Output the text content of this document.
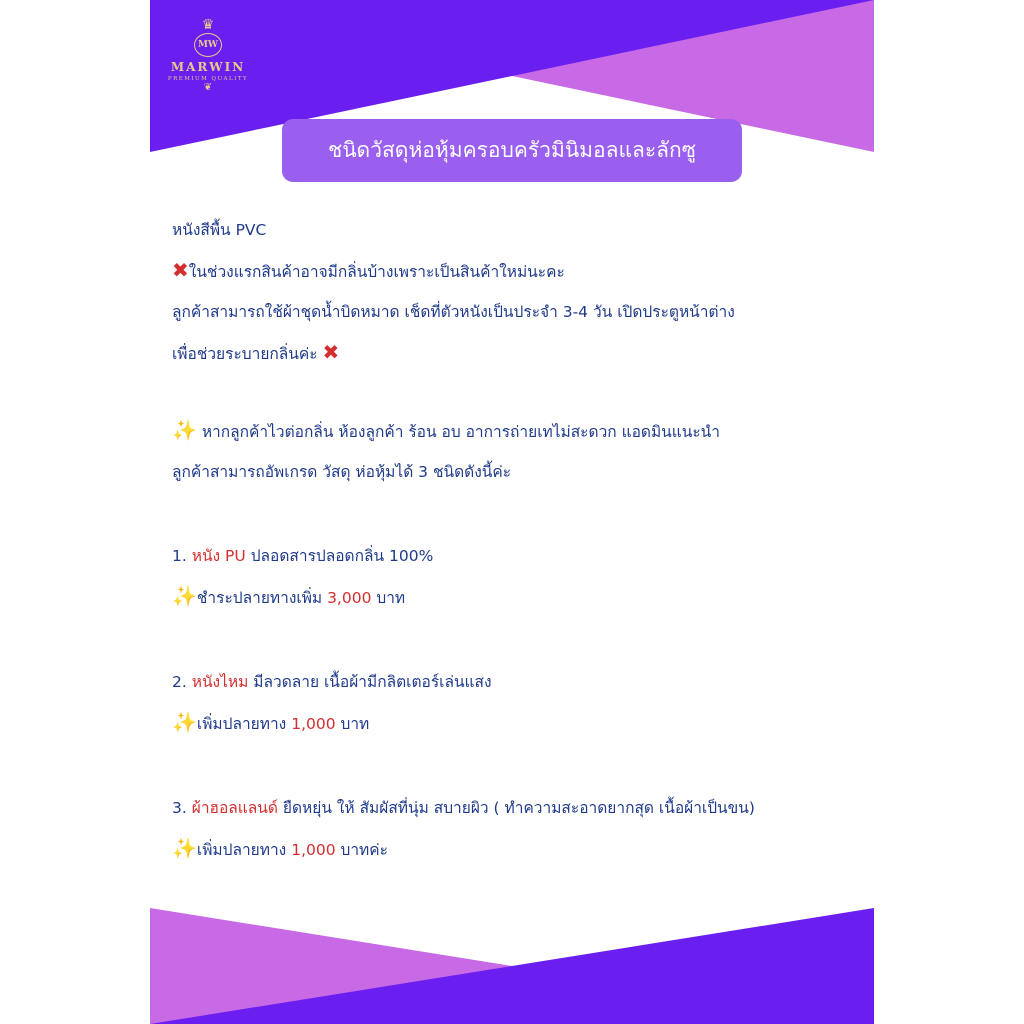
♛
MW
MARWIN
PREMIUM QUALITY
❦
ชนิดวัสดุห่อหุ้มครอบครัวมินิมอลและลักซู

หนังสีพื้น PVC

✖ในช่วงแรกสินค้าอาจมีกลิ่นบ้างเพราะเป็นสินค้าใหม่นะคะ

ลูกค้าสามารถใช้ผ้าชุดน้ำบิดหมาด เช็ดที่ตัวหนังเป็นประจำ 3-4 วัน เปิดประตูหน้าต่าง

เพื่อช่วยระบายกลิ่นค่ะ ✖

✨ หากลูกค้าไวต่อกลิ่น ห้องลูกค้า ร้อน อบ อาการถ่ายเทไม่สะดวก แอดมินแนะนำ

ลูกค้าสามารถอัพเกรด วัสดุ ห่อหุ้มได้ 3 ชนิดดังนี้ค่ะ

1. หนัง PU ปลอดสารปลอดกลิ่น 100%

✨ชำระปลายทางเพิ่ม 3,000 บาท

2. หนังไหม มีลวดลาย เนื้อผ้ามีกลิตเตอร์เล่นแสง

✨เพิ่มปลายทาง 1,000 บาท

3. ผ้าฮอลแลนด์ ยืดหยุ่น ให้ สัมผัสที่นุ่ม สบายผิว ( ทำความสะอาดยากสุด เนื้อผ้าเป็นขน)

✨เพิ่มปลายทาง 1,000 บาทค่ะ
